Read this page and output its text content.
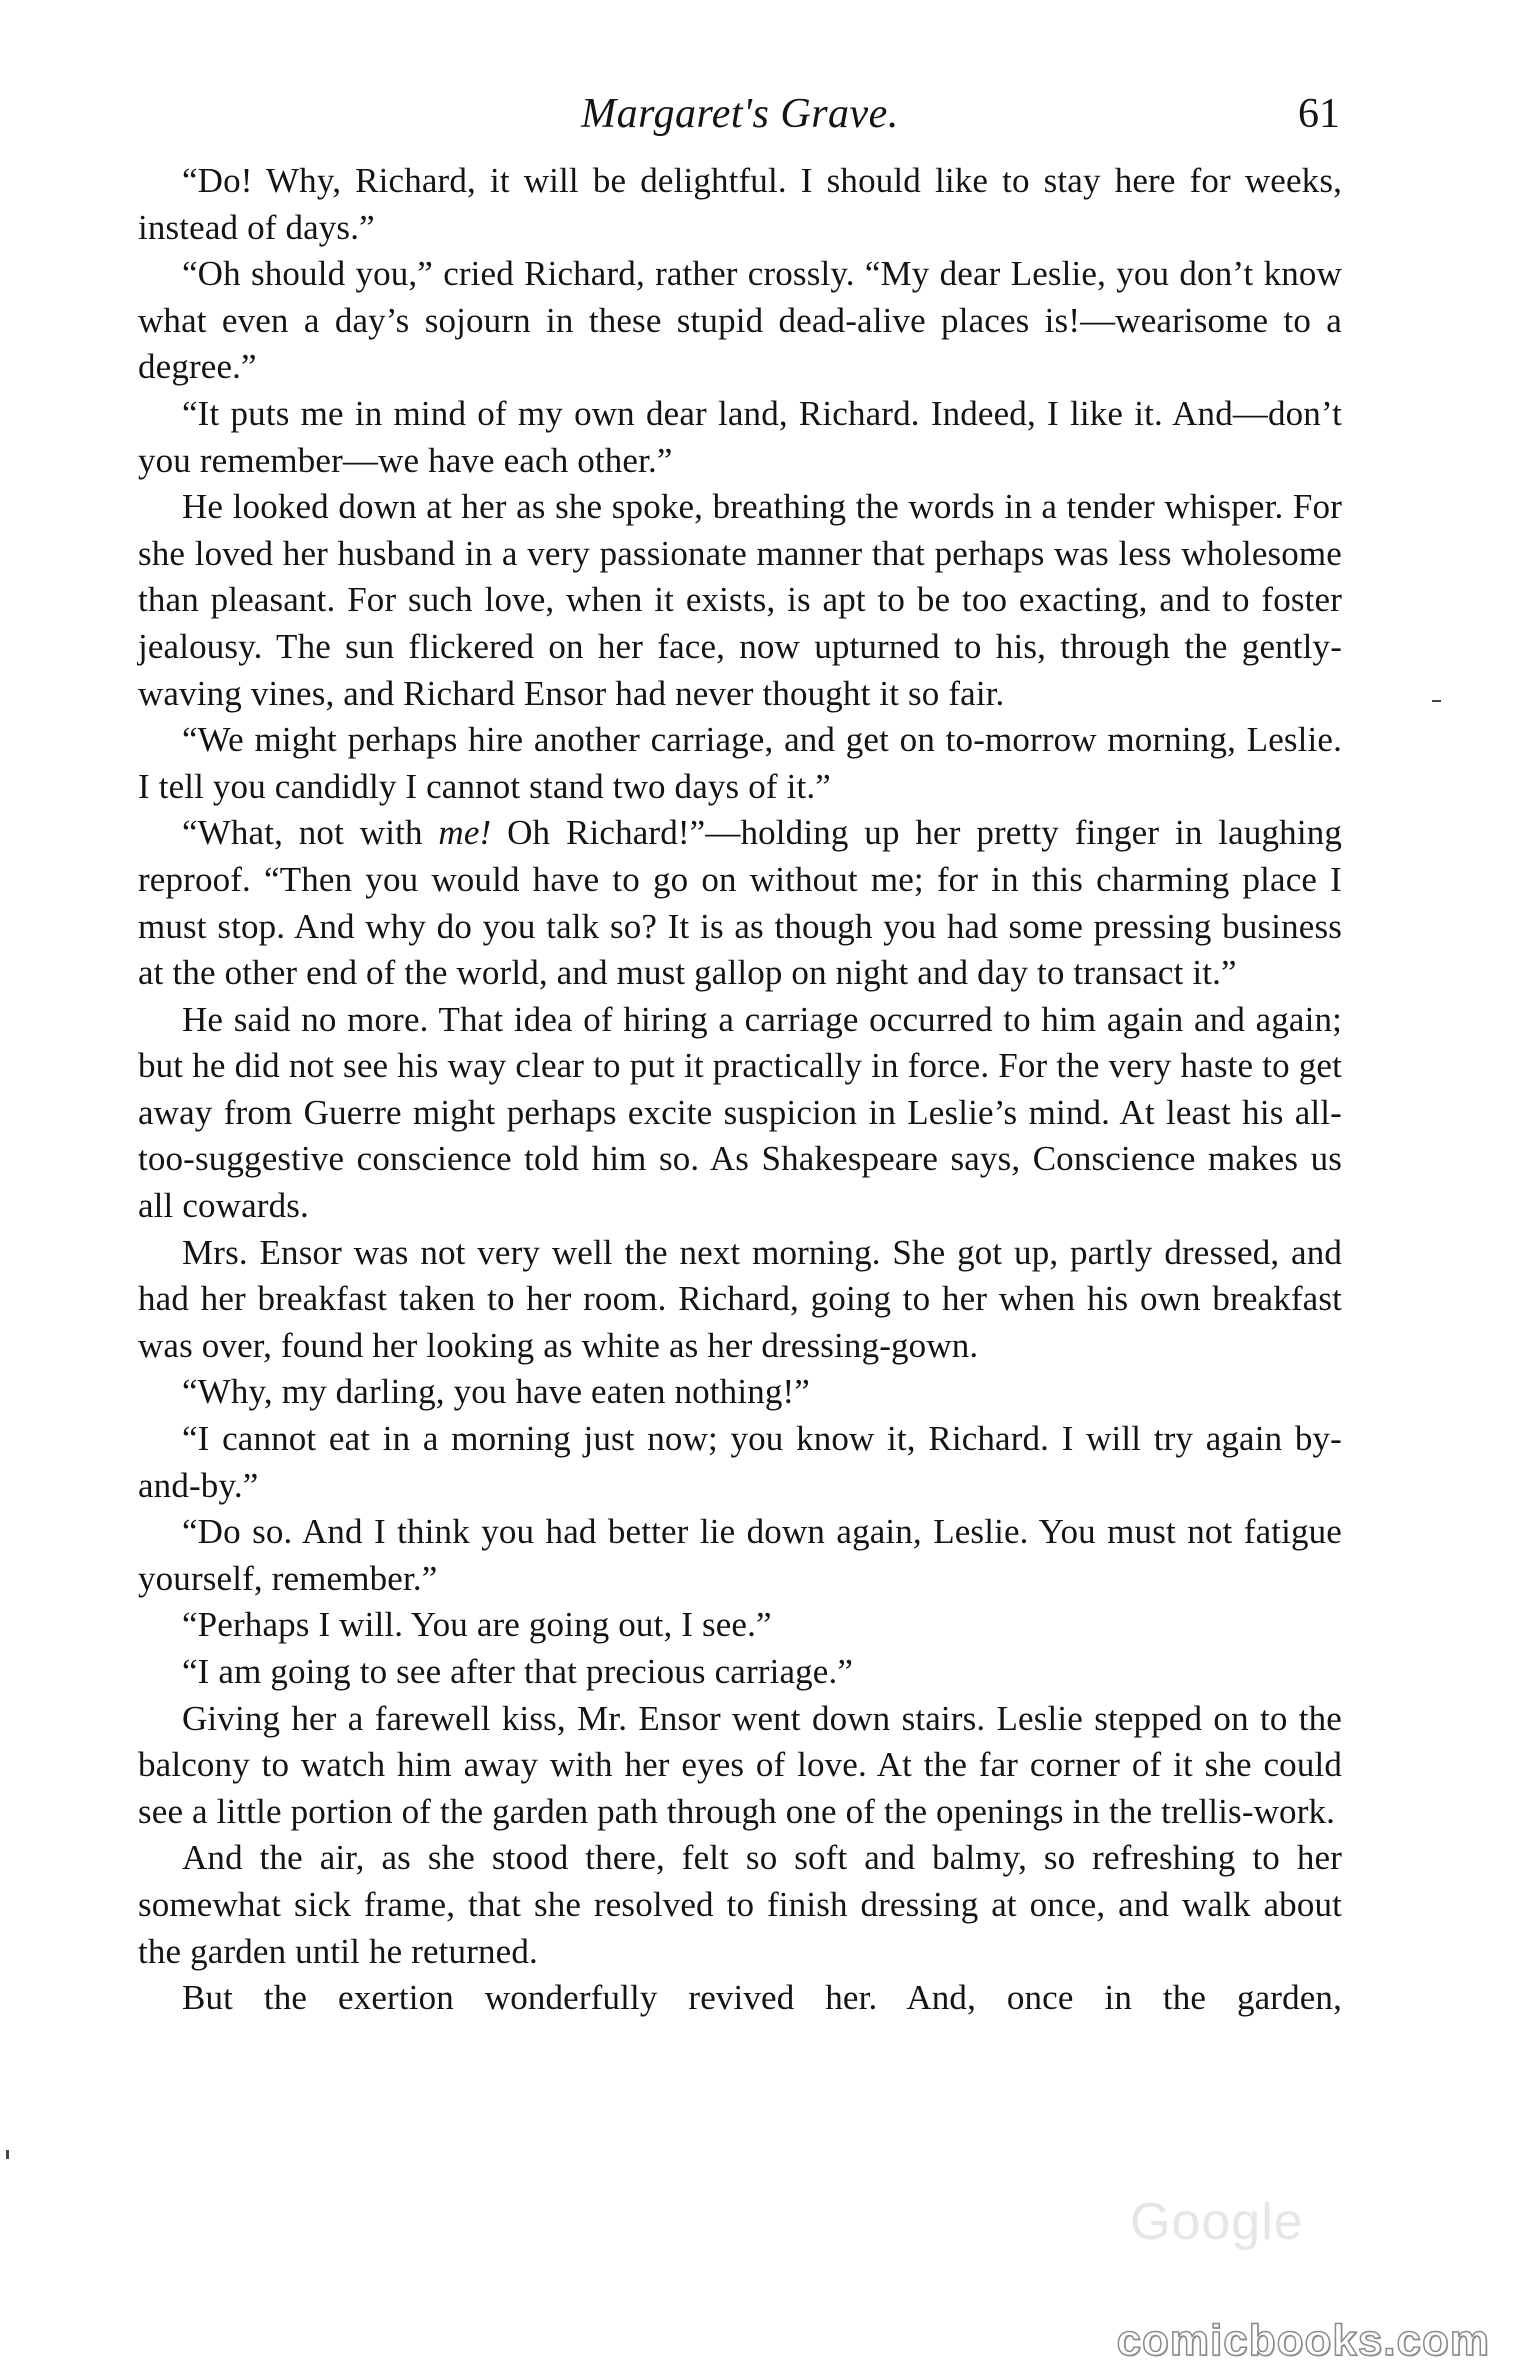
Margaret's Grave.	61

“Do! Why, Richard, it will be delightful. I should like to stay here for weeks, instead of days.”

“Oh should you,” cried Richard, rather crossly. “My dear Leslie, you don’t know what even a day’s sojourn in these stupid dead-alive places is!—wearisome to a degree.”

“It puts me in mind of my own dear land, Richard. Indeed, I like it. And—don’t you remember—we have each other.”

He looked down at her as she spoke, breathing the words in a tender whisper. For she loved her husband in a very passionate manner that perhaps was less wholesome than pleasant. For such love, when it exists, is apt to be too exacting, and to foster jealousy. The sun flickered on her face, now upturned to his, through the gently-waving vines, and Richard Ensor had never thought it so fair.

“We might perhaps hire another carriage, and get on to-morrow morning, Leslie. I tell you candidly I cannot stand two days of it.”

“What, not with me! Oh Richard!”—holding up her pretty finger in laughing reproof. “Then you would have to go on without me; for in this charming place I must stop. And why do you talk so? It is as though you had some pressing business at the other end of the world, and must gallop on night and day to transact it.”

He said no more. That idea of hiring a carriage occurred to him again and again; but he did not see his way clear to put it practically in force. For the very haste to get away from Guerre might perhaps excite suspicion in Leslie’s mind. At least his all-too-suggestive conscience told him so. As Shakespeare says, Conscience makes us all cowards.

Mrs. Ensor was not very well the next morning. She got up, partly dressed, and had her breakfast taken to her room. Richard, going to her when his own breakfast was over, found her looking as white as her dressing-gown.

“Why, my darling, you have eaten nothing!”

“I cannot eat in a morning just now; you know it, Richard. I will try again by-and-by.”

“Do so. And I think you had better lie down again, Leslie. You must not fatigue yourself, remember.”

“Perhaps I will. You are going out, I see.”

“I am going to see after that precious carriage.”

Giving her a farewell kiss, Mr. Ensor went down stairs. Leslie stepped on to the balcony to watch him away with her eyes of love. At the far corner of it she could see a little portion of the garden path through one of the openings in the trellis-work.

And the air, as she stood there, felt so soft and balmy, so refreshing to her somewhat sick frame, that she resolved to finish dressing at once, and walk about the garden until he returned.

But the exertion wonderfully revived her. And, once in the garden,

Google
comicbooks.com
